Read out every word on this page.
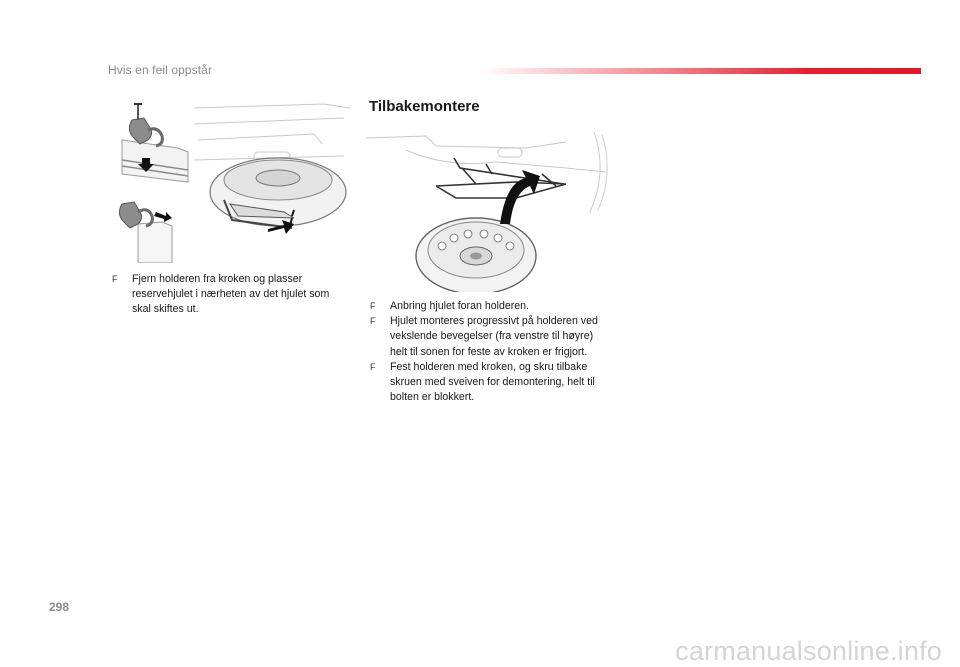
Hvis en feil oppstår
Tilbakemontere
F Fjern holderen fra kroken og plasser reservehjulet i nærheten av det hjulet som skal skiftes ut.	F Anbring hjulet foran holderen.
F Hjulet monteres progressivt på holderen ved vekslende bevegelser (fra venstre til høyre) helt til sonen for feste av kroken er frigjort.
F Fest holderen med kroken, og skru tilbake skruen med sveiven for demontering, helt til bolten er blokkert.
298
carmanualsonline.info
